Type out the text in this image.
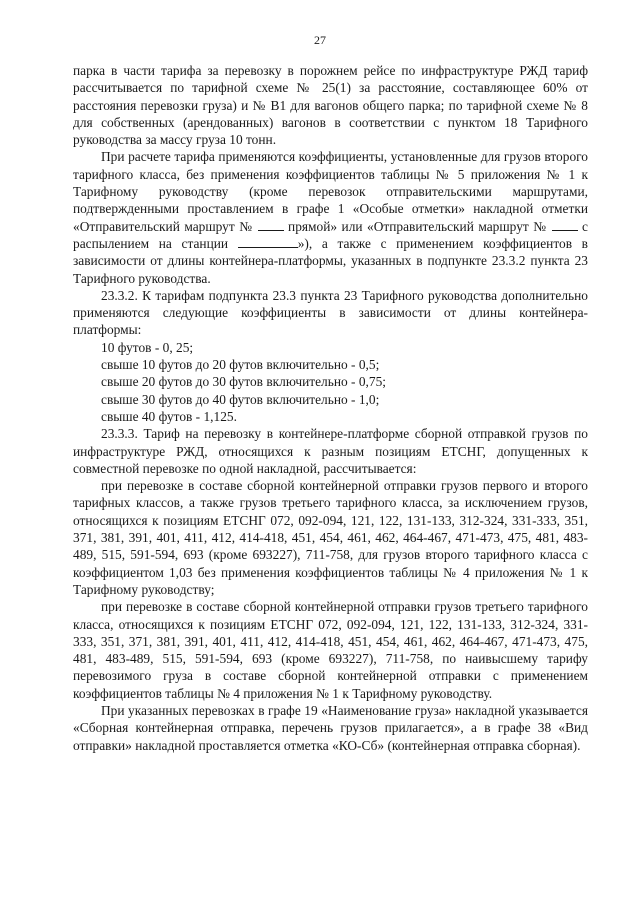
27

парка в части тарифа за перевозку в порожнем рейсе по инфраструктуре РЖД тариф рассчитывается по тарифной схеме № 25(1) за расстояние, составляющее 60% от расстояния перевозки груза) и № В1 для вагонов общего парка; по тарифной схеме № 8 для собственных (арендованных) вагонов в соответствии с пунктом 18 Тарифного руководства за массу груза 10 тонн.

При расчете тарифа применяются коэффициенты, установленные для грузов второго тарифного класса, без применения коэффициентов таблицы № 5 приложения № 1 к Тарифному руководству (кроме перевозок отправительскими маршрутами, подтвержденными проставлением в графе 1 «Особые отметки» накладной отметки «Отправительский маршрут №	прямой» или «Отправительский маршрут №	с распылением на станции	»), а также с применением коэффициентов в зависимости от длины контейнера-платформы, указанных в подпункте 23.3.2 пункта 23 Тарифного руководства.

23.3.2. К тарифам подпункта 23.3 пункта 23 Тарифного руководства дополнительно применяются следующие коэффициенты в зависимости от длины контейнера-платформы:

10 футов - 0, 25;

свыше 10 футов до 20 футов включительно - 0,5;

свыше 20 футов до 30 футов включительно - 0,75;

свыше 30 футов до 40 футов включительно - 1,0;

свыше 40 футов - 1,125.

23.3.3. Тариф на перевозку в контейнере-платформе сборной отправкой грузов по инфраструктуре РЖД, относящихся к разным позициям ЕТСНГ, допущенных к совместной перевозке по одной накладной, рассчитывается:

при перевозке в составе сборной контейнерной отправки грузов первого и второго тарифных классов, а также грузов третьего тарифного класса, за исключением грузов, относящихся к позициям ЕТСНГ 072, 092-094, 121, 122, 131-133, 312-324, 331-333, 351, 371, 381, 391, 401, 411, 412, 414-418, 451, 454, 461, 462, 464-467, 471-473, 475, 481, 483-489, 515, 591-594, 693 (кроме 693227), 711-758, для грузов второго тарифного класса с коэффициентом 1,03 без применения коэффициентов таблицы № 4 приложения № 1 к Тарифному руководству;

при перевозке в составе сборной контейнерной отправки грузов третьего тарифного класса, относящихся к позициям ЕТСНГ 072, 092-094, 121, 122, 131-133, 312-324, 331-333, 351, 371, 381, 391, 401, 411, 412, 414-418, 451, 454, 461, 462, 464-467, 471-473, 475, 481, 483-489, 515, 591-594, 693 (кроме 693227), 711-758, по наивысшему тарифу перевозимого груза в составе сборной контейнерной отправки с применением коэффициентов таблицы № 4 приложения № 1 к Тарифному руководству.

При указанных перевозках в графе 19 «Наименование груза» накладной указывается «Сборная контейнерная отправка, перечень грузов прилагается», а в графе 38 «Вид отправки» накладной проставляется отметка «КО-Сб» (контейнерная отправка сборная).
